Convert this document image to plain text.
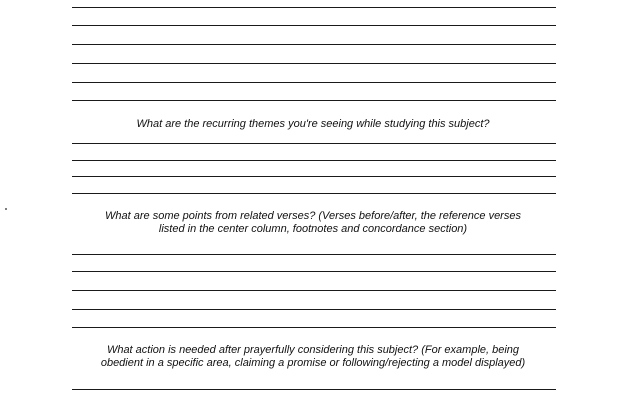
What are the recurring themes you're seeing while studying this subject?
What are some points from related verses? (Verses before/after, the reference verses
listed in the center column, footnotes and concordance section)
What action is needed after prayerfully considering this subject? (For example, being
obedient in a specific area, claiming a promise or following/rejecting a model displayed)
